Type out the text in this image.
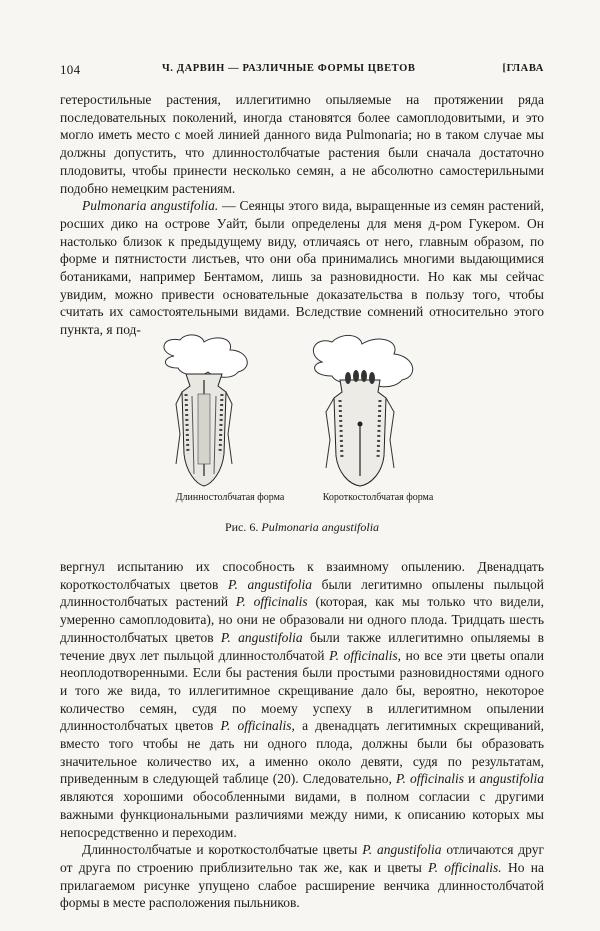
104	Ч. ДАРВИН — РАЗЛИЧНЫЕ ФОРМЫ ЦВЕТОВ	[ГЛАВА

гетеростильные растения, иллегитимно опыляемые на протяжении ряда последовательных поколений, иногда становятся более самоплодовитыми, и это могло иметь место с моей линией данного вида Pulmonaria; но в таком случае мы должны допустить, что длинностолбчатые растения были сначала достаточно плодовиты, чтобы принести несколько семян, а не абсолютно самостерильными подобно немецким растениям.

Pulmonaria angustifolia. — Сеянцы этого вида, выращенные из семян растений, росших дико на острове Уайт, были определены для меня д-ром Гукером. Он настолько близок к предыдущему виду, отличаясь от него, главным образом, по форме и пятнистости листьев, что они оба принимались многими выдающимися ботаниками, например Бентамом, лишь за разновидности. Но как мы сейчас увидим, можно привести основательные доказательства в пользу того, чтобы считать их самостоятельными видами. Вследствие сомнений относительно этого пункта, я под-

Длинностолбчатая форма	Короткостолбчатая форма
Рис. 6. Pulmonaria angustifolia

вергнул испытанию их способность к взаимному опылению. Двенадцать короткостолбчатых цветов P. angustifolia были легитимно опылены пыльцой длинностолбчатых растений P. officinalis (которая, как мы только что видели, умеренно самоплодовита), но они не образовали ни одного плода. Тридцать шесть длинностолбчатых цветов P. angustifolia были также иллегитимно опыляемы в течение двух лет пыльцой длинностолбчатой P. officinalis, но все эти цветы опали неоплодотворенными. Если бы растения были простыми разновидностями одного и того же вида, то иллегитимное скрещивание дало бы, вероятно, некоторое количество семян, судя по моему успеху в иллегитимном опылении длинностолбчатых цветов P. officinalis, а двенадцать легитимных скрещиваний, вместо того чтобы не дать ни одного плода, должны были бы образовать значительное количество их, а именно около девяти, судя по результатам, приведенным в следующей таблице (20). Следовательно, P. officinalis и angustifolia являются хорошими обособленными видами, в полном согласии с другими важными функциональными различиями между ними, к описанию которых мы непосредственно и переходим.

Длинностолбчатые и короткостолбчатые цветы P. angustifolia отличаются друг от друга по строению приблизительно так же, как и цветы P. officinalis. Но на прилагаемом рисунке упущено слабое расширение венчика длинностолбчатой формы в месте расположения пыльников.
